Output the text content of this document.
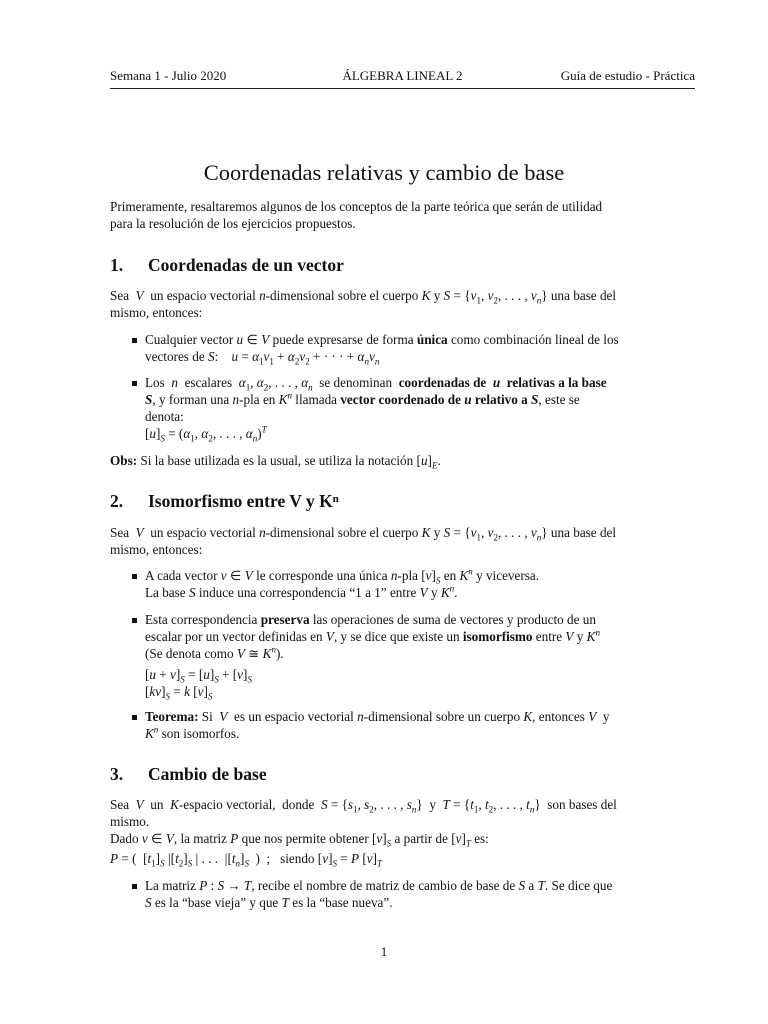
Semana 1 - Julio 2020	ÁLGEBRA LINEAL 2	Guía de estudio - Práctica
Coordenadas relativas y cambio de base
Primeramente, resaltaremos algunos de los conceptos de la parte teórica que serán de utilidad
para la resolución de los ejercicios propuestos.
1. Coordenadas de un vector
Sea  V  un espacio vectorial n-dimensional sobre el cuerpo K y $S = \{v_1$, $v_2$, . . . , $v_n$} una base del
mismo, entonces:
Cualquier vector u ∈ V puede expresarse de forma única como combinación lineal de los
vectores de S:    $u = \alpha_1v_1 + \alpha_2v_2$ + · · · + $\alpha_nv_n$
Los  n  escalares  $\alpha_1$, $\alpha_2$, . . . , $\alpha_n$  se denominan  coordenadas de  u  relativas a la base
S, y forman una n-pla en $K^n$ llamada vector coordenado de u relativo a S, este se
denota:
$[u]_S = (\alpha_1$, $\alpha_2$, . . . , $\alpha_n)^T$
Obs: Si la base utilizada es la usual, se utiliza la notación $[u]_E$.
2. Isomorfismo entre V y Kⁿ
Sea  V  un espacio vectorial n-dimensional sobre el cuerpo K y $S = \{v_1$, $v_2$, . . . , $v_n$} una base del
mismo, entonces:
A cada vector v ∈ V le corresponde una única n-pla $[v]_S$ en $K^n$ y viceversa.
La base S induce una correspondencia “1 a 1” entre V y $K^n$.
Esta correspondencia preserva las operaciones de suma de vectores y producto de un
escalar por un vector definidas en V, y se dice que existe un isomorfismo entre V y $K^n$
(Se denota como V ≅ $K^n$).
$[u + v]_S = [u]_S + [v]_S$
$[kv]_S = k$ $[v]_S$
Teorema: Si  V  es un espacio vectorial n-dimensional sobre un cuerpo K, entonces V  y
$K^n$ son isomorfos.
3. Cambio de base
Sea  V  un  K-espacio vectorial,  donde  $S = \{s_1$, $s_2$, . . . , $s_n$}  y  $T = \{t_1$, $t_2$, . . . , $t_n$}  son bases del
mismo.
Dado v ∈ V, la matriz P que nos permite obtener $[v]_S$ a partir de $[v]_T$ es:
P = (  $[t_1]_S$ $|[t_2]_S$ | . . .  $|[t_n]_S$  )  ;   siendo $[v]_S = P$ $[v]_T$
La matriz P : S → T, recibe el nombre de matriz de cambio de base de S a T. Se dice que
S es la “base vieja” y que T es la “base nueva”.
1
